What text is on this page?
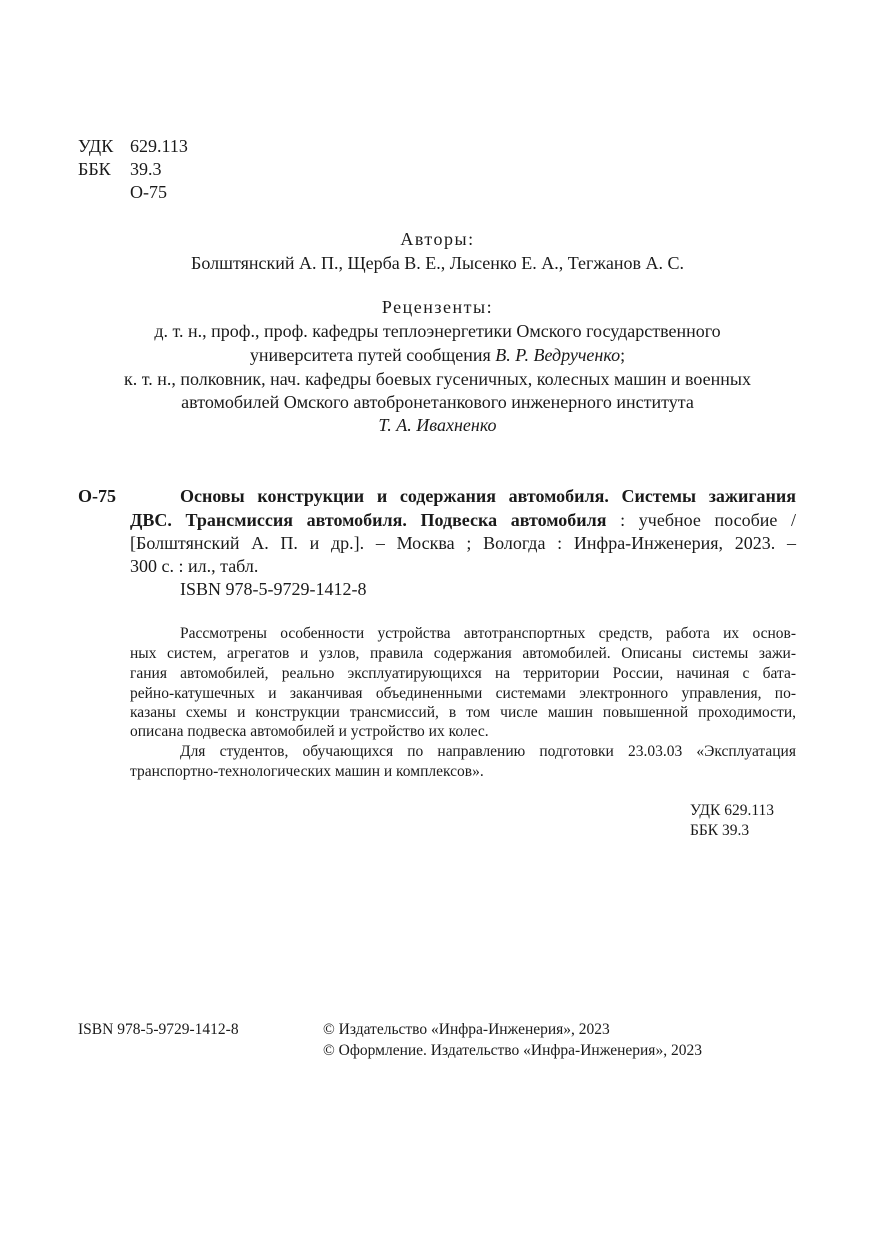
УДК 629.113
ББК 39.3
О-75
Авторы:
Болштянский А. П., Щерба В. Е., Лысенко Е. А., Тегжанов А. С.
Рецензенты:
д. т. н., проф., проф. кафедры теплоэнергетики Омского государственного
университета путей сообщения В. Р. Ведрученко;
к. т. н., полковник, нач. кафедры боевых гусеничных, колесных машин и военных
автомобилей Омского автобронетанкового инженерного института
Т. А. Ивахненко
О-75	Основы конструкции и содержания автомобиля. Системы зажигания
ДВС. Трансмиссия автомобиля. Подвеска автомобиля : учебное пособие /
[Болштянский А. П. и др.]. – Москва ; Вологда : Инфра-Инженерия, 2023. –
300 с. : ил., табл.
ISBN 978-5-9729-1412-8
Рассмотрены особенности устройства автотранспортных средств, работа их основ-
ных систем, агрегатов и узлов, правила содержания автомобилей. Описаны системы зажи-
гания автомобилей, реально эксплуатирующихся на территории России, начиная с бата-
рейно-катушечных и заканчивая объединенными системами электронного управления, по-
казаны схемы и конструкции трансмиссий, в том числе машин повышенной проходимости,
описана подвеска автомобилей и устройство их колес.
Для студентов, обучающихся по направлению подготовки 23.03.03 «Эксплуатация
транспортно-технологических машин и комплексов».
УДК 629.113
ББК 39.3
ISBN 978-5-9729-1412-8	© Издательство «Инфра-Инженерия», 2023
© Оформление. Издательство «Инфра-Инженерия», 2023
